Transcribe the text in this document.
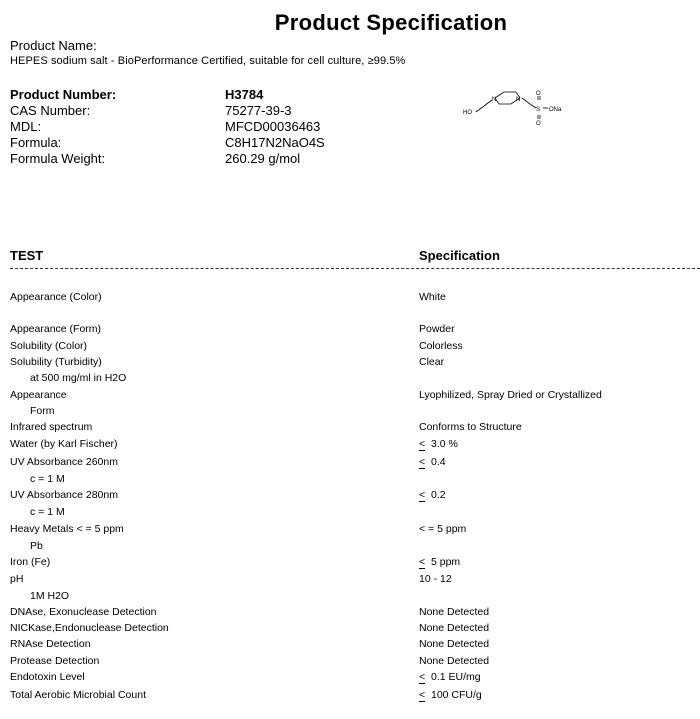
Product Specification
Product Name:
HEPES sodium salt - BioPerformance Certified, suitable for cell culture, ≥99.5%
Product Number:	H3784
CAS Number:	75277-39-3
MDL:	MFCD00036463
Formula:	C8H17N2NaO4S
Formula Weight:	260.29 g/mol
HO
N	N
S
O
O
ONa
TEST	Specification
Appearance (Color)	White
Appearance (Form)	Powder
Solubility (Color)	Colorless
Solubility (Turbidity)	Clear
at 500 mg/ml in H2O
Appearance	Lyophilized, Spray Dried or Crystallized
Form
Infrared spectrum	Conforms to Structure
Water (by Karl Fischer)	< 3.0 %
UV Absorbance 260nm	< 0.4
c = 1 M
UV Absorbance 280nm	< 0.2
c = 1 M
Heavy Metals < = 5 ppm	< = 5 ppm
Pb
Iron (Fe)	< 5 ppm
pH	10 - 12
1M H2O
DNAse, Exonuclease Detection	None Detected
NICKase,Endonuclease Detection	None Detected
RNAse Detection	None Detected
Protease Detection	None Detected
Endotoxin Level	< 0.1 EU/mg
Total Aerobic Microbial Count	< 100 CFU/g
